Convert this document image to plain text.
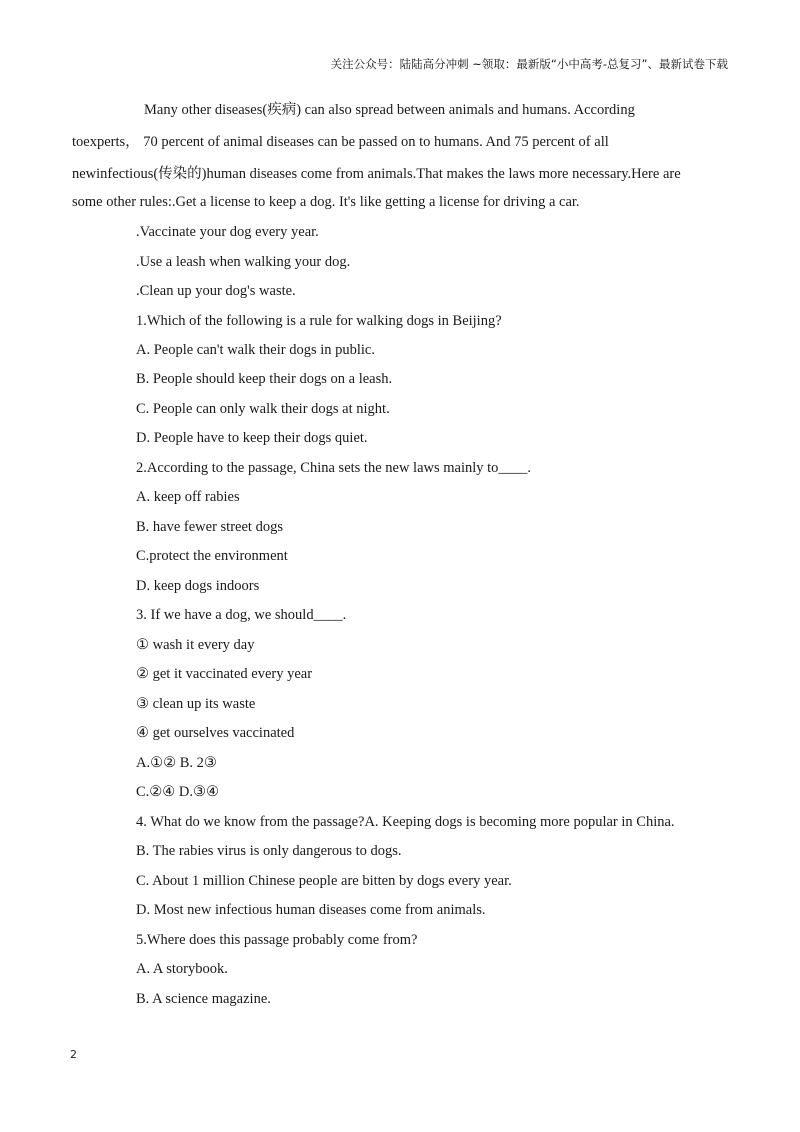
关注公众号：陆陆高分冲刺 ~领取：最新版“小中高考-总复习”、最新试卷下载
Many other diseases(疾病) can also spread between animals and humans. According
toexperts， 70 percent of animal diseases can be passed on to humans. And 75 percent of all
newinfectious(传染的)human diseases come from animals.That makes the laws more necessary.Here are
some other rules:.Get a license to keep a dog. It's like getting a license for driving a car.
.Vaccinate your dog every year.
.Use a leash when walking your dog.
.Clean up your dog's waste.
1.Which of the following is a rule for walking dogs in Beijing?
A. People can't walk their dogs in public.
B. People should keep their dogs on a leash.
C. People can only walk their dogs at night.
D. People have to keep their dogs quiet.
2.According to the passage, China sets the new laws mainly to____.
A. keep off rabies
B. have fewer street dogs
C.protect the environment
D. keep dogs indoors
3. If we have a dog, we should____.
① wash it every day
② get it vaccinated every year
③ clean up its waste
④ get ourselves vaccinated
A.①② B. 2③
C.②④ D.③④
4. What do we know from the passage?A. Keeping dogs is becoming more popular in China.
B. The rabies virus is only dangerous to dogs.
C. About 1 million Chinese people are bitten by dogs every year.
D. Most new infectious human diseases come from animals.
5.Where does this passage probably come from?
A. A storybook.
B. A science magazine.
2
